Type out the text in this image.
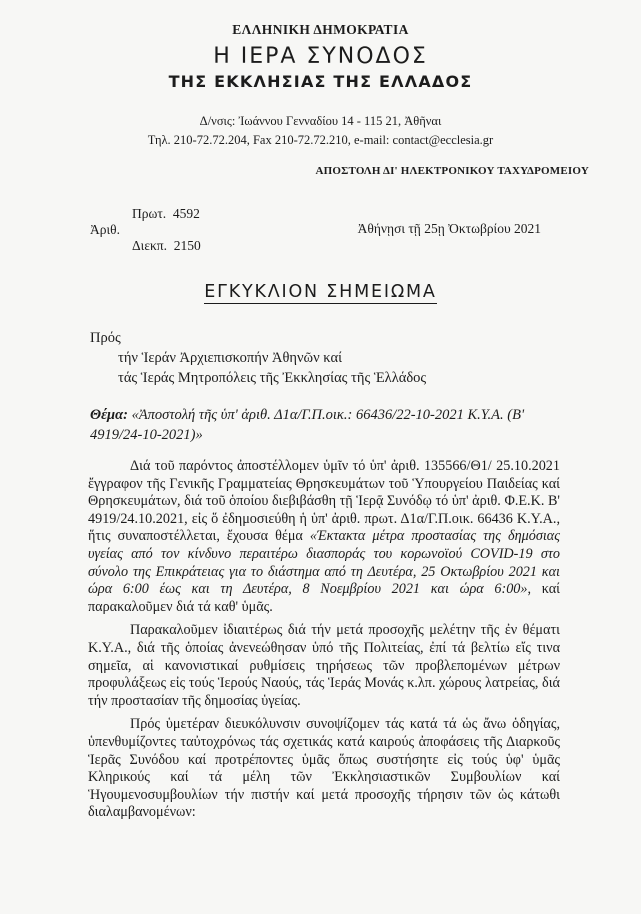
ΕΛΛΗΝΙΚΗ ΔΗΜΟΚΡΑΤΙΑ
Η ΙΕΡΑ ΣΥΝΟΔΟΣ
ΤΗΣ ΕΚΚΛΗΣΙΑΣ ΤΗΣ ΕΛΛΑΔΟΣ
Δ/νσις: Ἰωάννου Γενναδίου 14 - 115 21, Ἀθῆναι
Τηλ. 210-72.72.204, Fax 210-72.72.210, e-mail: contact@ecclesia.gr
ΑΠΟΣΤΟΛΗ ΔΙ' ΗΛΕΚΤΡΟΝΙΚΟΥ ΤΑΧΥΔΡΟΜΕΙΟΥ
Πρωτ. 4592
Ἀριθ.
Διεκπ. 2150
Ἀθήνῃσι τῇ 25ῃ Ὀκτωβρίου 2021
ΕΓΚΥΚΛΙΟΝ ΣΗΜΕΙΩΜΑ
Πρός
τήν Ἱεράν Ἀρχιεπισκοπήν Ἀθηνῶν καί
τάς Ἱεράς Μητροπόλεις τῆς Ἐκκλησίας τῆς Ἑλλάδος
Θέμα: «Ἀποστολή τῆς ὑπ' ἀριθ. Δ1α/Γ.Π.οικ.: 66436/22-10-2021 Κ.Υ.Α. (Β' 4919/24-10-2021)»

Διά τοῦ παρόντος ἀποστέλλομεν ὑμῖν τό ὑπ' ἀριθ. 135566/Θ1/ 25.10.2021 ἔγγραφον τῆς Γενικῆς Γραμματείας Θρησκευμάτων τοῦ Ὑπουργείου Παιδείας καί Θρησκευμάτων, διά τοῦ ὁποίου διεβιβάσθη τῇ Ἱερᾷ Συνόδῳ τό ὑπ' ἀριθ. Φ.Ε.Κ. Β' 4919/24.10.2021, εἰς ὅ ἐδημοσιεύθη ἡ ὑπ' ἀριθ. πρωτ. Δ1α/Γ.Π.οικ. 66436 Κ.Υ.Α., ἥτις συναποστέλλεται, ἔχουσα θέμα «Έκτακτα μέτρα προστασίας της δημόσιας υγείας από τον κίνδυνο περαιτέρω διασποράς του κορωνοϊού COVID-19 στο σύνολο της Επικράτειας για το διάστημα από τη Δευτέρα, 25 Οκτωβρίου 2021 και ώρα 6:00 έως και τη Δευτέρα, 8 Νοεμβρίου 2021 και ώρα 6:00», καί παρακαλοῦμεν διά τά καθ' ὑμᾶς.

Παρακαλοῦμεν ἰδιαιτέρως διά τήν μετά προσοχῆς μελέτην τῆς ἐν θέματι Κ.Υ.Α., διά τῆς ὁποίας ἀνενεώθησαν ὑπό τῆς Πολιτείας, ἐπί τά βελτίω εἴς τινα σημεῖα, αἱ κανονιστικαί ρυθμίσεις τηρήσεως τῶν προβλεπομένων μέτρων προφυλάξεως εἰς τούς Ἱερούς Ναούς, τάς Ἱεράς Μονάς κ.λπ. χώρους λατρείας, διά τήν προστασίαν τῆς δημοσίας ὑγείας.

Πρός ὑμετέραν διευκόλυνσιν συνοψίζομεν τάς κατά τά ὡς ἄνω ὁδηγίας, ὑπενθυμίζοντες ταὐτοχρόνως τάς σχετικάς κατά καιρούς ἀποφάσεις τῆς Διαρκοῦς Ἱερᾶς Συνόδου καί προτρέποντες ὑμᾶς ὅπως συστήσητε εἰς τούς ὑφ' ὑμᾶς Κληρικούς καί τά μέλη τῶν Ἐκκλησιαστικῶν Συμβουλίων καί Ἡγουμενοσυμβουλίων τήν πιστήν καί μετά προσοχῆς τήρησιν τῶν ὡς κάτωθι διαλαμβανομένων:
